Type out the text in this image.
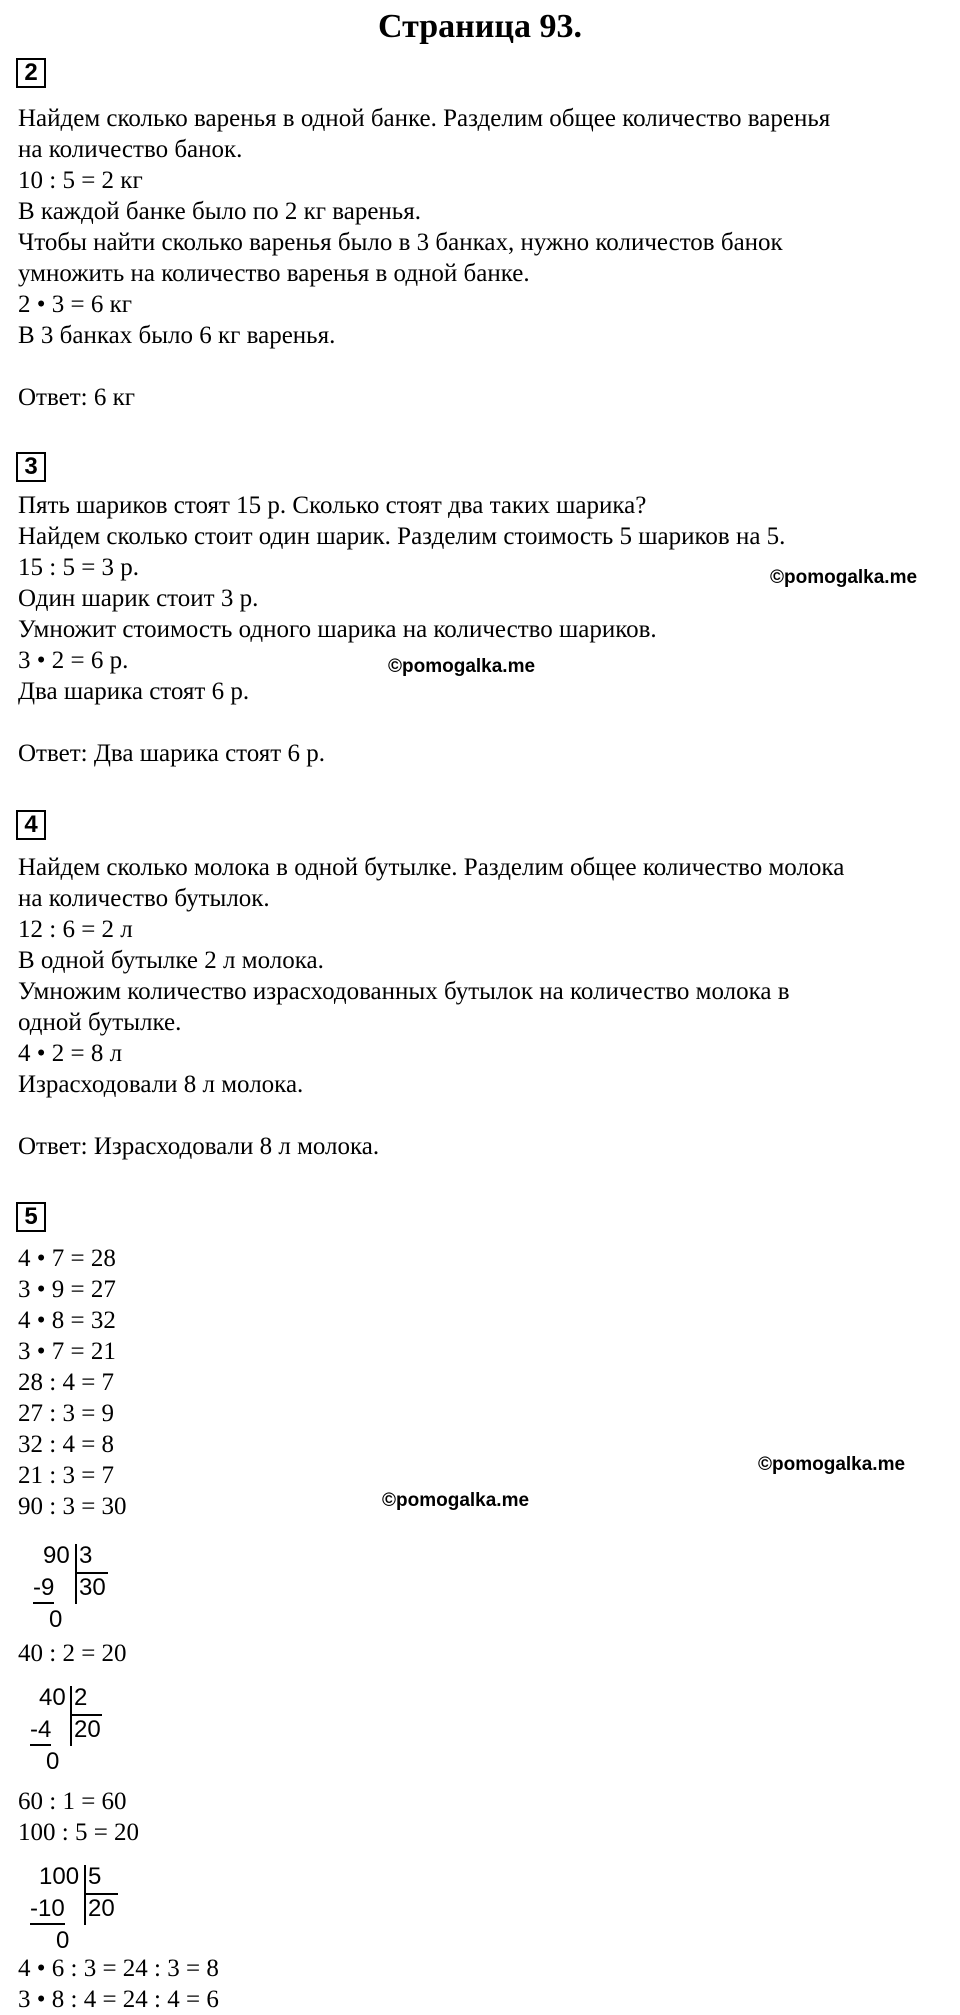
Страница 93.
2
Найдем сколько варенья в одной банке. Разделим общее количество варенья
на количество банок.
10 : 5 = 2 кг
В каждой банке было по 2 кг варенья.
Чтобы найти сколько варенья было в 3 банках, нужно количестов банок
умножить на количество варенья в одной банке.
2 • 3 = 6 кг
В 3 банках было 6 кг варенья.
Ответ: 6 кг
3
Пять шариков стоят 15 р. Сколько стоят два таких шарика?
Найдем сколько стоит один шарик. Разделим стоимость 5 шариков на 5.
15 : 5 = 3 р.
Один шарик стоит 3 р.
Умножит стоимость одного шарика на количество шариков.
3 • 2 = 6 р.
Два шарика стоят 6 р.
Ответ: Два шарика стоят 6 р.
©pomogalka.me
©pomogalka.me
4
Найдем сколько молока в одной бутылке. Разделим общее количество молока
на количество бутылок.
12 : 6 = 2 л
В одной бутылке 2 л молока.
Умножим количество израсходованных бутылок на количество молока в
одной бутылке.
4 • 2 = 8 л
Израсходовали 8 л молока.
Ответ: Израсходовали 8 л молока.
5
4 • 7 = 28
3 • 9 = 27
4 • 8 = 32
3 • 7 = 21
28 : 4 = 7
27 : 3 = 9
32 : 4 = 8
21 : 3 = 7
90 : 3 = 30
90 3
-9 30
0
40 : 2 = 20
40 2
-4 20
0
60 : 1 = 60
100 : 5 = 20
100 5
-10 20
0
4 • 6 : 3 = 24 : 3 = 8
3 • 8 : 4 = 24 : 4 = 6
©pomogalka.me
©pomogalka.me
